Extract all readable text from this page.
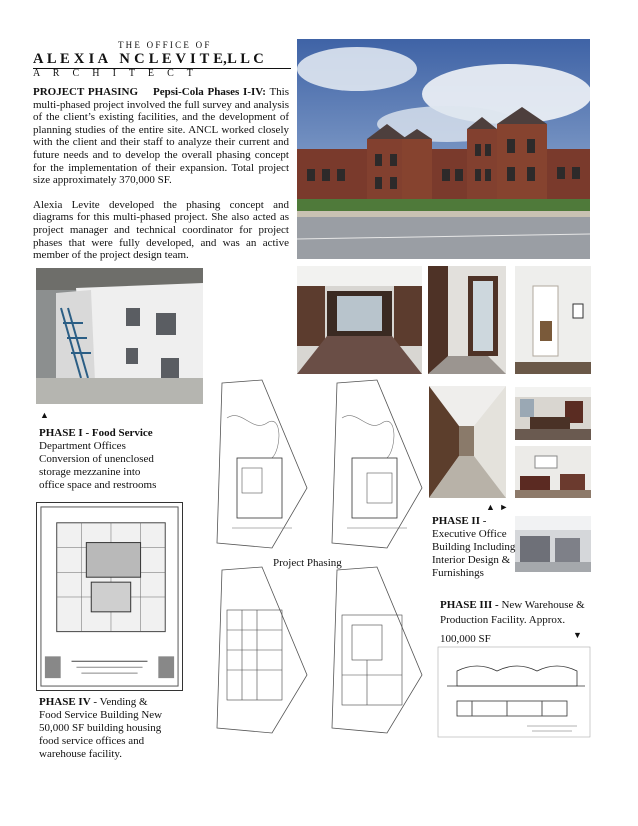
T H E   O F F I C E   O F
A L E X I A   N C L E V I T E,L L C
A   R   C   H   I   T   E   C   T
PROJECT PHASING Pepsi-Cola Phases I-IV: This multi-phased project involved the full survey and analysis of the client’s existing facilities, and the development of planning studies of the entire site. ANCL worked closely with the client and their staff to analyze their current and future needs and to develop the overall phasing concept for the implementation of their expansion. Total project size approximately 370,000 SF.
Alexia Levite developed the phasing concept and diagrams for this multi-phased project. She also acted as project manager and technical coordinator for project phases that were fully developed, and was an active member of the project design team.
▲
PHASE I - Food Service
Department Offices
Conversion of unenclosed
storage mezzanine into
office space and restrooms
▲  ►
PHASE II -
Executive Office
Building Including
Interior Design &
Furnishings
PHASE III - New Warehouse & Production Facility. Approx.
100,000 SF	▼
Project Phasing
PHASE IV - Vending &
Food Service Building New
50,000 SF building housing
food service offices and
warehouse facility.
